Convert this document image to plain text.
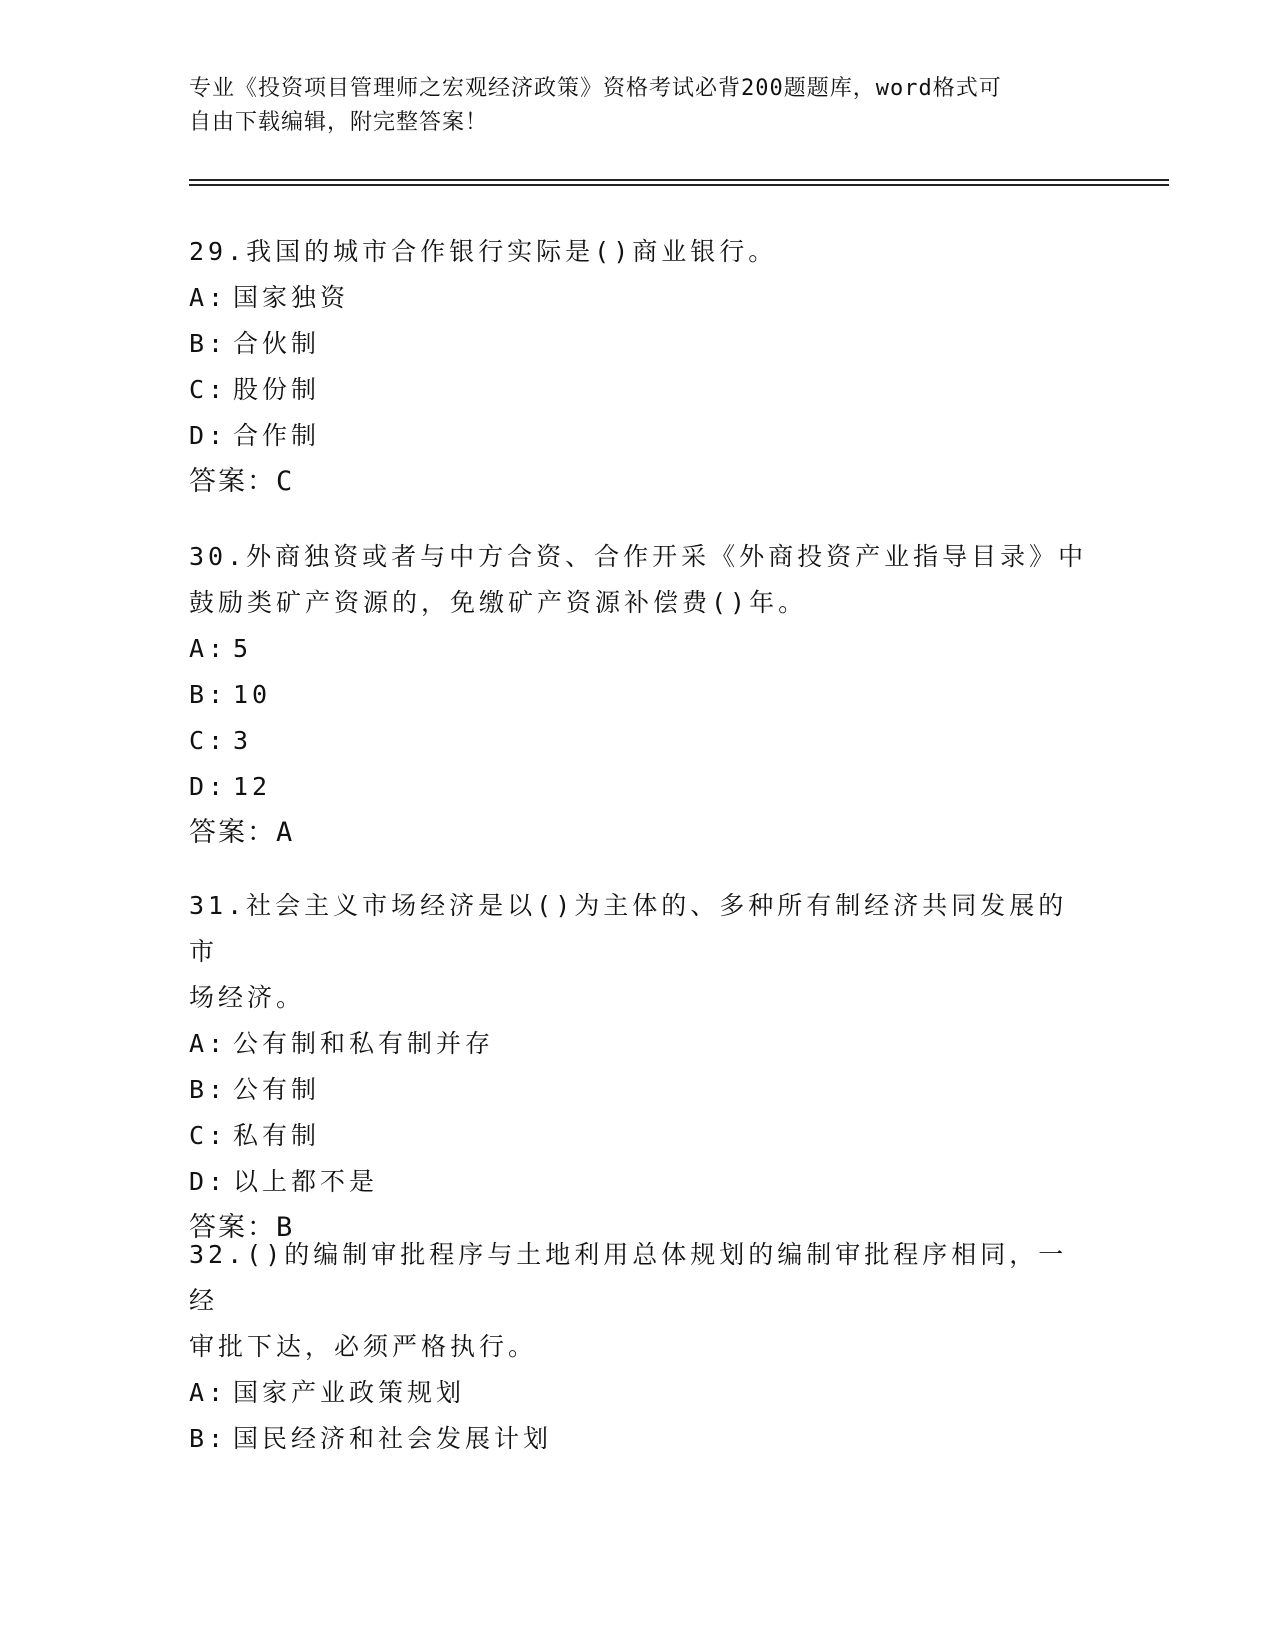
专业《投资项目管理师之宏观经济政策》资格考试必背200题题库，word格式可
自由下载编辑，附完整答案！
29.我国的城市合作银行实际是()商业银行。
A: 国家独资
B: 合伙制
C: 股份制
D: 合作制
答案：C
30.外商独资或者与中方合资、合作开采《外商投资产业指导目录》中
鼓励类矿产资源的，免缴矿产资源补偿费()年。
A: 5
B: 10
C: 3
D: 12
答案：A
31.社会主义市场经济是以()为主体的、多种所有制经济共同发展的市
场经济。
A: 公有制和私有制并存
B: 公有制
C: 私有制
D: 以上都不是
答案：B
32.()的编制审批程序与土地利用总体规划的编制审批程序相同，一经
审批下达，必须严格执行。
A: 国家产业政策规划
B: 国民经济和社会发展计划
